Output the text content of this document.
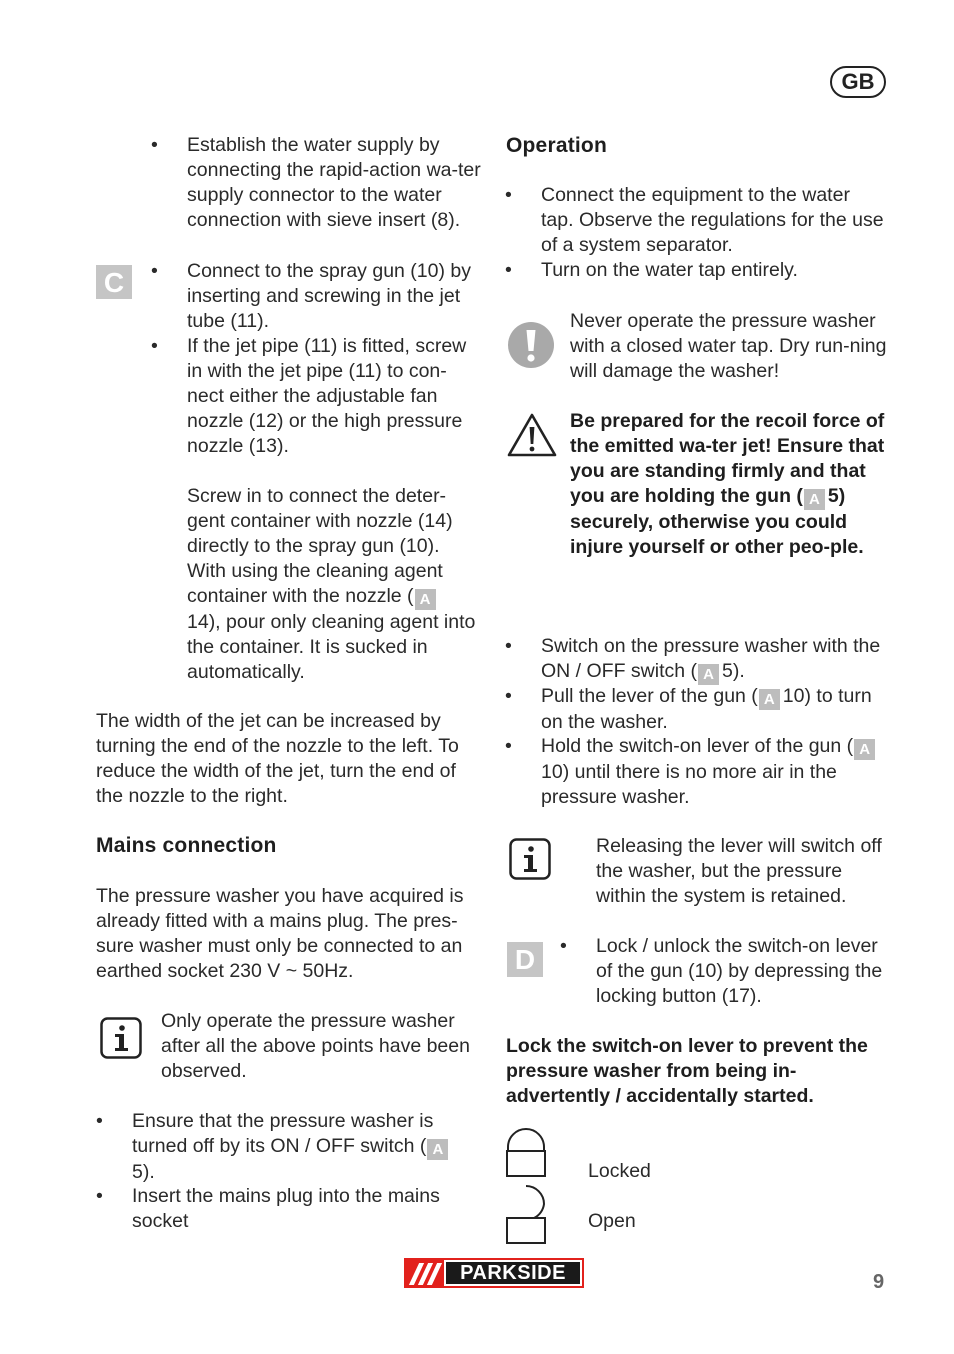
GB
• Establish the water supply by connecting the rapid-action wa-ter supply connector to the water connection with sieve insert (8).

• Connect to the spray gun (10) by inserting and screwing in the jet tube (11).

• If the jet pipe (11) is fitted, screw in with the jet pipe (11) to con-nect either the adjustable fan nozzle (12) or the high pressure nozzle (13).

Screw in to connect the deter-gent container with nozzle (14) directly to the spray gun (10). With using the cleaning agent container with the nozzle ( A
14), pour only cleaning agent into the container. It is sucked in automatically.

The width of the jet can be increased by turning the end of the nozzle to the left. To reduce the width of the jet, turn the end of the nozzle to the right.

Mains connection

The pressure washer you have acquired is already fitted with a mains plug. The pres-sure washer must only be connected to an earthed socket 230 V ~ 50Hz.

Only operate the pressure washer after all the above points have been observed.

• Ensure that the pressure washer is turned off by its ON / OFF switch ( A
5).

• Insert the mains plug into the mains socket

C

Operation

• Connect the equipment to the water tap. Observe the regulations for the use of a system separator.

• Turn on the water tap entirely.

Never operate the pressure washer with a closed water tap. Dry run-ning will damage the washer!

Be prepared for the recoil force of the emitted wa-ter jet! Ensure that you are standing firmly and that you are holding the gun ( A 5) securely, otherwise you could injure yourself or other peo-ple.

• Switch on the pressure washer with the ON / OFF switch ( A 5).

• Pull the lever of the gun ( A 10) to turn on the washer.

• Hold the switch-on lever of the gun ( A10) until there is no more air in the pressure washer.

Releasing the lever will switch off the washer, but the pressure within the system is retained.

• Lock / unlock the switch-on lever of the gun (10) by depressing the locking button (17).

Lock the switch-on lever to prevent the pressure washer from being in-advertently / accidentally started.

Locked

Open

D
PARKSIDE	9
